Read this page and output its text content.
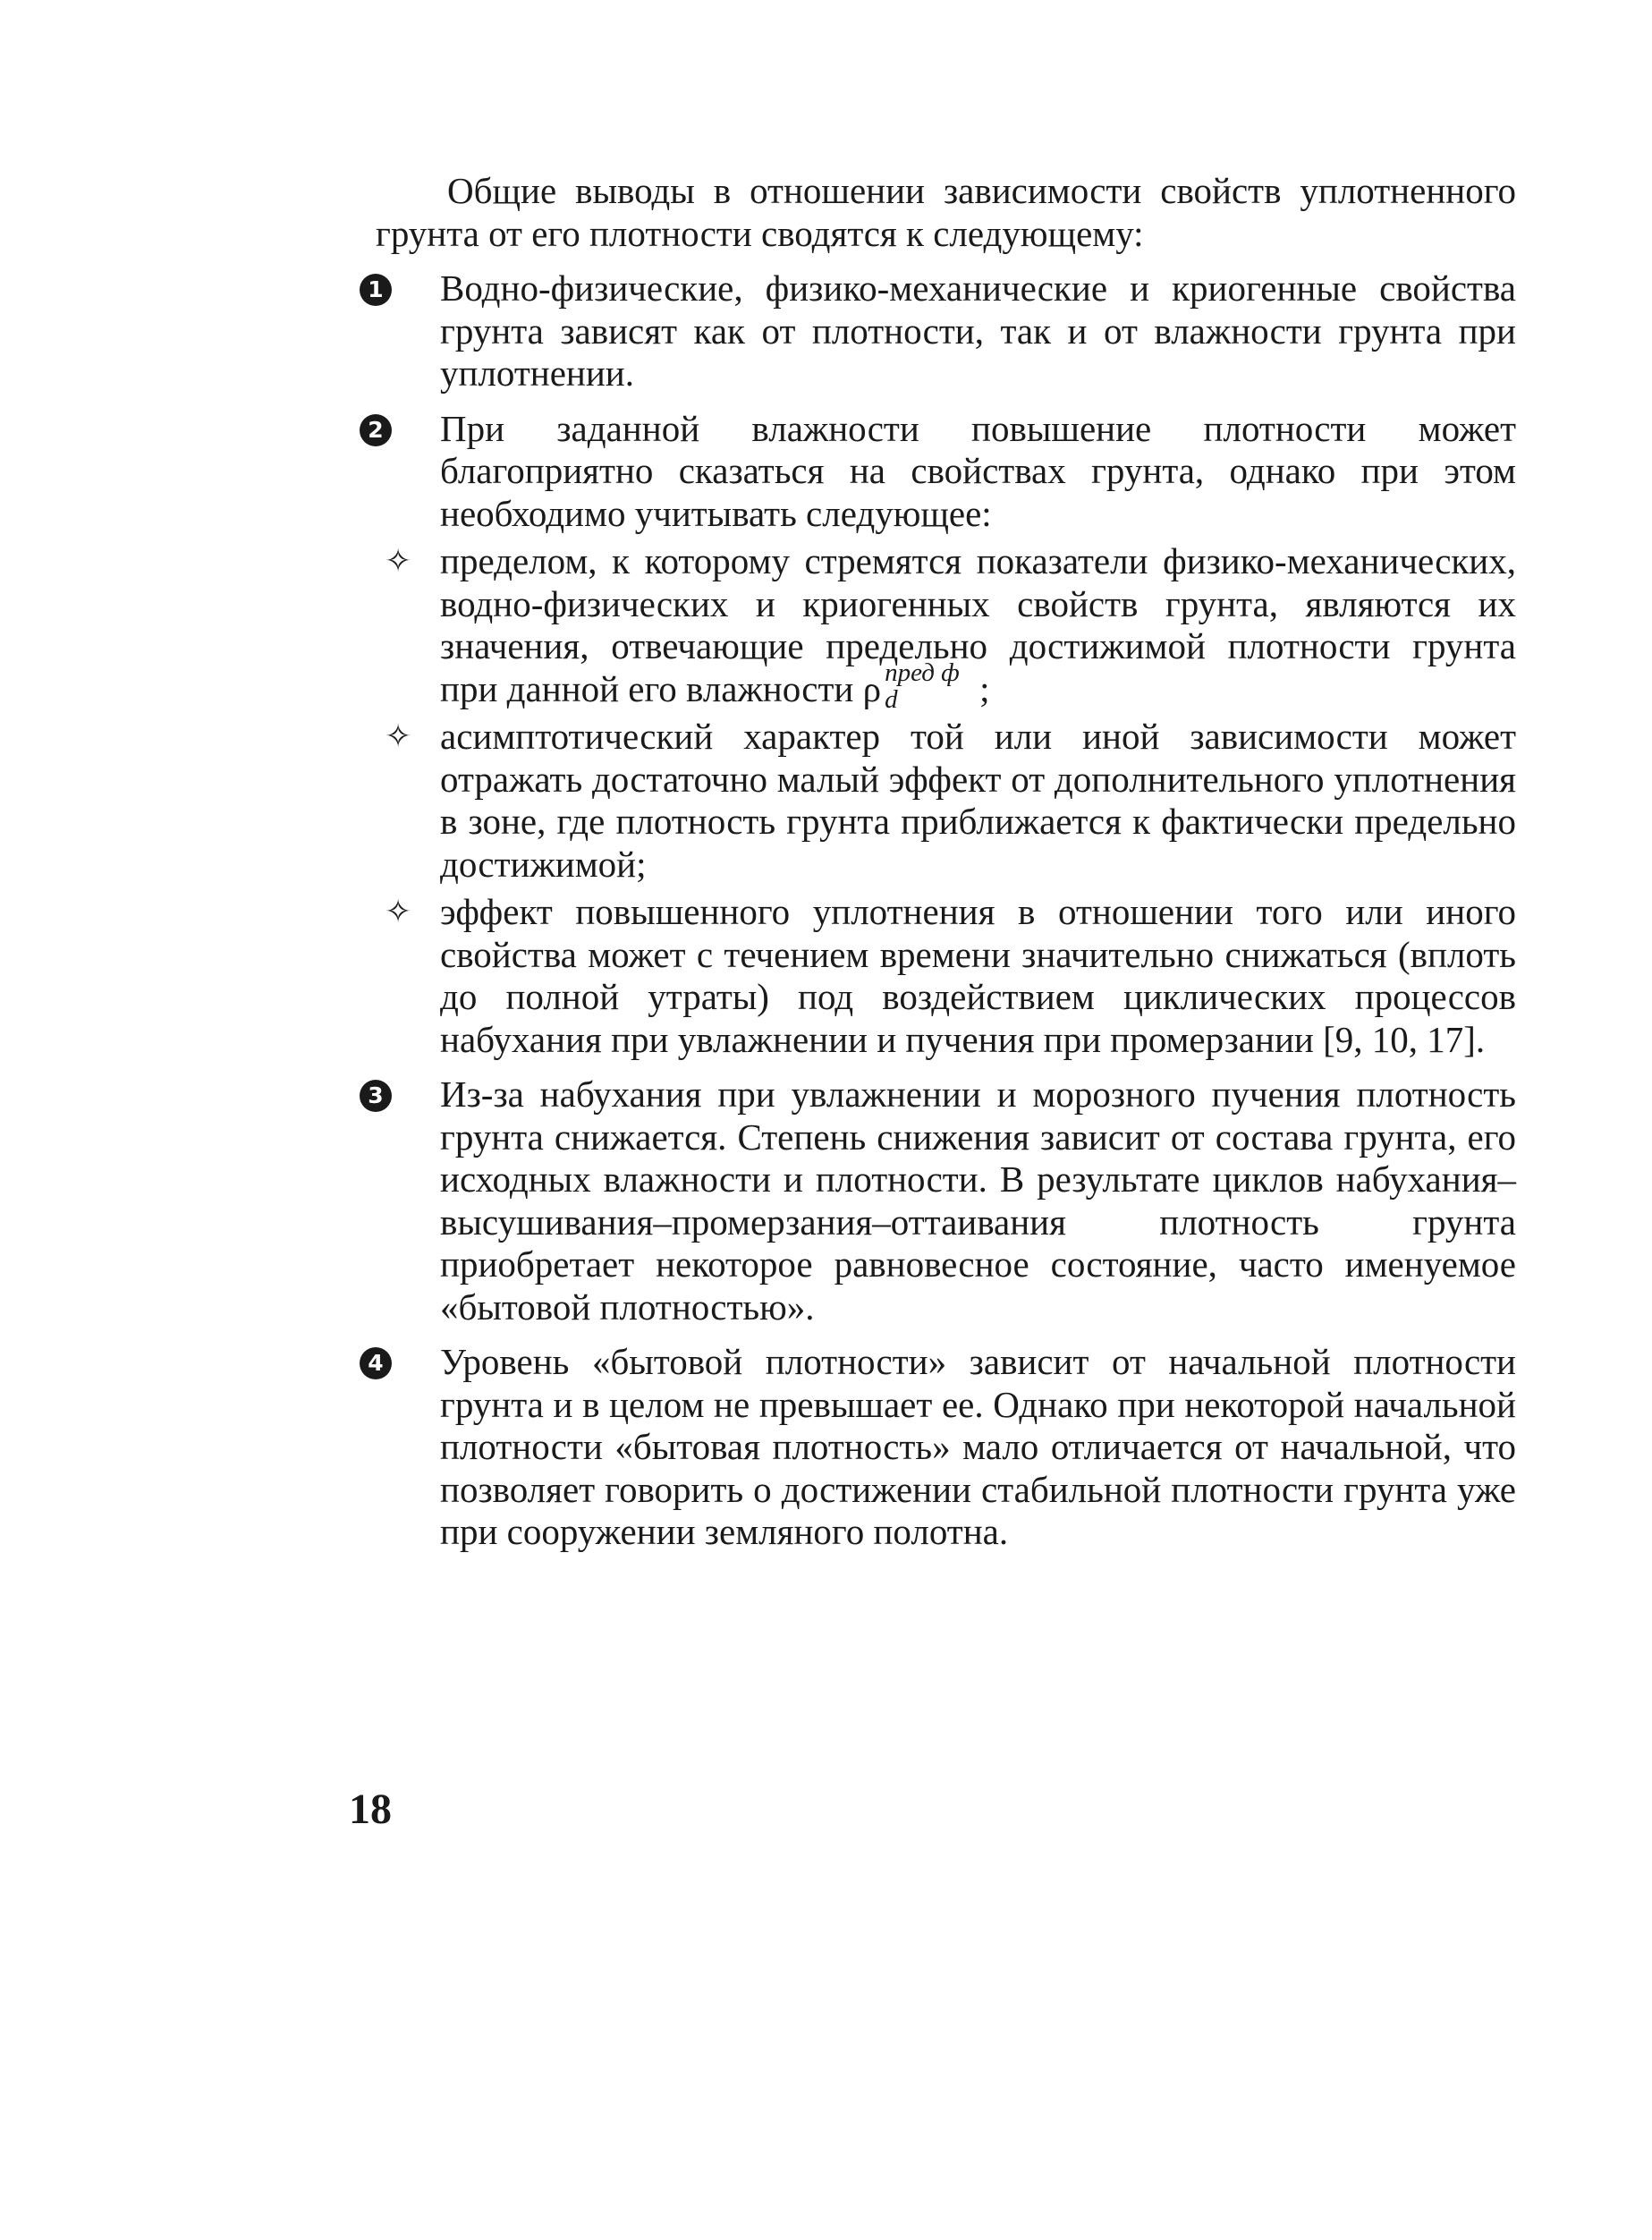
Общие выводы в отношении зависимости свойств уплотненного грунта от его плотности сводятся к следующему:

1 Водно-физические, физико-механические и криогенные свойства грунта зависят как от плотности, так и от влажности грунта при уплотнении.

2 При заданной влажности повышение плотности может благоприятно сказаться на свойствах грунта, однако при этом необходимо учитывать следующее:

✧ пределом, к которому стремятся показатели физико-механических, водно-физических и криогенных свойств грунта, являются их значения, отвечающие предельно достижимой плотности грунта при данной его влажности ρ пред ф
d ;

✧ асимптотический характер той или иной зависимости может отражать достаточно малый эффект от дополнительного уплотнения в зоне, где плотность грунта приближается к фактически предельно достижимой;

✧ эффект повышенного уплотнения в отношении того или иного свойства может с течением времени значительно снижаться (вплоть до полной утраты) под воздействием циклических процессов набухания при увлажнении и пучения при промерзании [9, 10, 17].

3 Из-за набухания при увлажнении и морозного пучения плотность грунта снижается. Степень снижения зависит от состава грунта, его исходных влажности и плотности. В результате циклов набухания–высушивания–промерзания–оттаивания плотность грунта приобретает некоторое равновесное состояние, часто именуемое «бытовой плотностью».

4 Уровень «бытовой плотности» зависит от начальной плотности грунта и в целом не прeвышает ее. Однако при некоторой начальной плотности «бытовая плотность» мало отличается от начальной, что позволяет говорить о достижении стабильной плотности грунта уже при сооружении земляного полотна.

18
